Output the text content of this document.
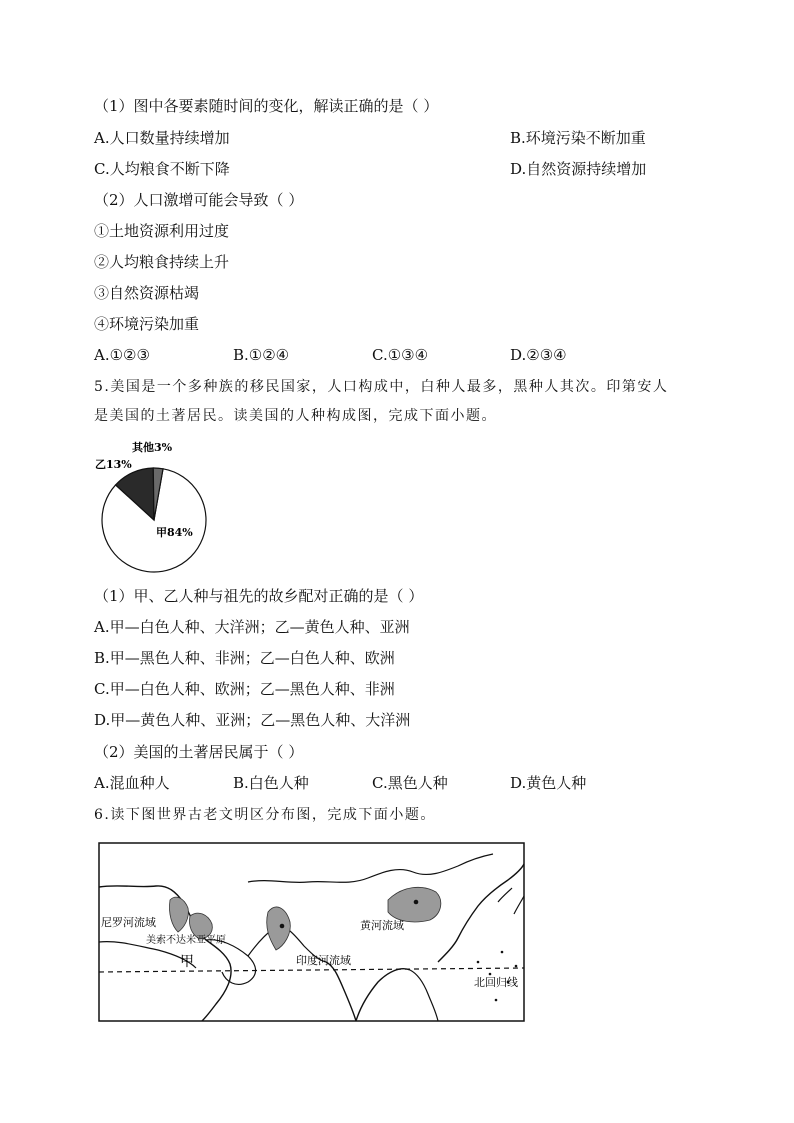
（1）图中各要素随时间的变化，解读正确的是（ ）
A.人口数量持续增加	B.环境污染不断加重
C.人均粮食不断下降	D.自然资源持续增加
（2）人口激增可能会导致（ ）
①土地资源利用过度
②人均粮食持续上升
③自然资源枯竭
④环境污染加重
A.①②③	B.①②④	C.①③④	D.②③④
5.美国是一个多种族的移民国家，人口构成中，白种人最多，黑种人其次。印第安人
是美国的土著居民。读美国的人种构成图，完成下面小题。
甲84%
乙13%
其他3%
（1）甲、乙人种与祖先的故乡配对正确的是（ ）
A.甲—白色人种、大洋洲；乙—黄色人种、亚洲
B.甲—黑色人种、非洲；乙—白色人种、欧洲
C.甲—白色人种、欧洲；乙—黑色人种、非洲
D.甲—黄色人种、亚洲；乙—黑色人种、大洋洲
（2）美国的土著居民属于（ ）
A.混血种人	B.白色人种	C.黑色人种	D.黄色人种
6.读下图世界古老文明区分布图，完成下面小题。
尼罗河流域
美索不达米亚平原
甲	印度河流域
黄河流域
北回归线
